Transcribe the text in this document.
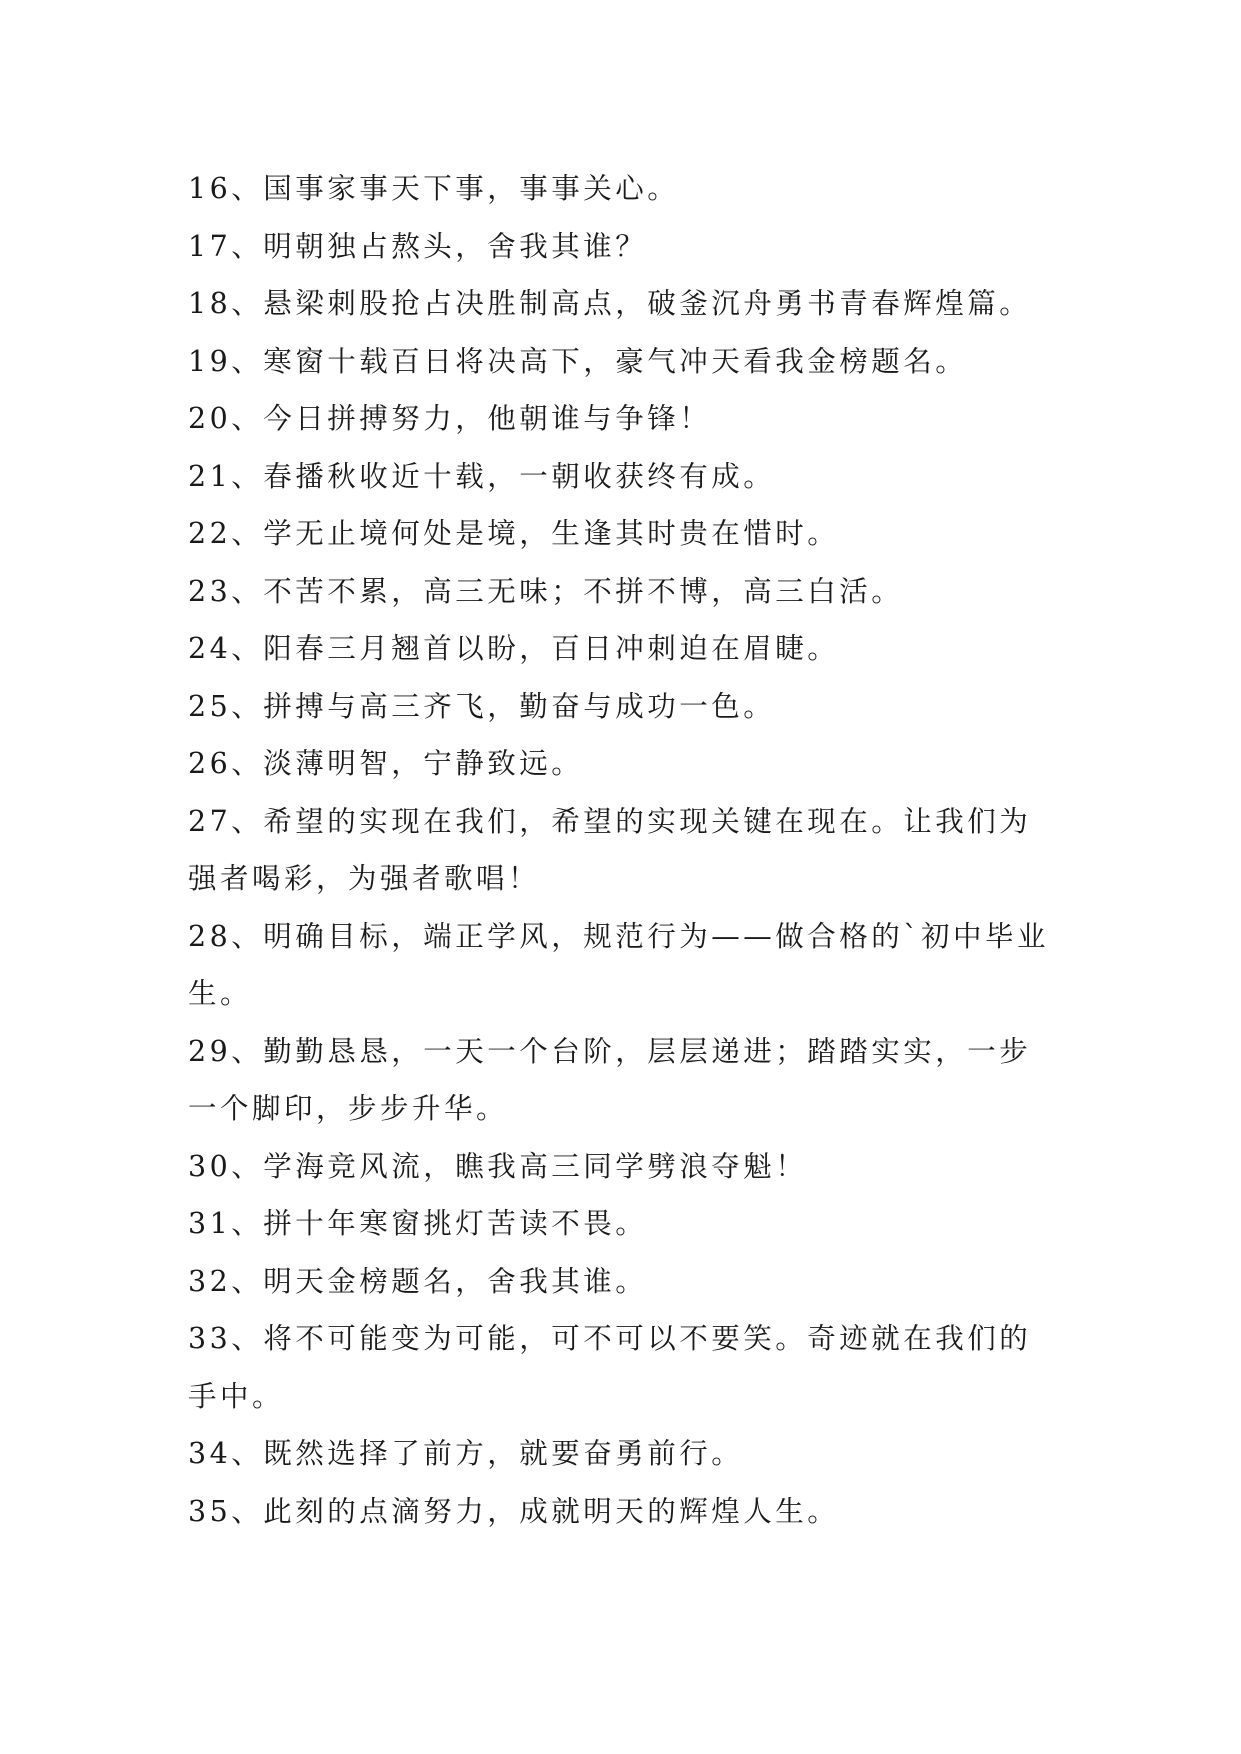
16、国事家事天下事，事事关心。
17、明朝独占熬头，舍我其谁？
18、悬梁刺股抢占决胜制高点，破釜沉舟勇书青春辉煌篇。
19、寒窗十载百日将决高下，豪气冲天看我金榜题名。
20、今日拼搏努力，他朝谁与争锋！
21、春播秋收近十载，一朝收获终有成。
22、学无止境何处是境，生逢其时贵在惜时。
23、不苦不累，高三无味；不拼不博，高三白活。
24、阳春三月翘首以盼，百日冲刺迫在眉睫。
25、拼搏与高三齐飞，勤奋与成功一色。
26、淡薄明智，宁静致远。
27、希望的实现在我们，希望的实现关键在现在。让我们为强者喝彩，为强者歌唱！
28、明确目标，端正学风，规范行为——做合格的`初中毕业生。
29、勤勤恳恳，一天一个台阶，层层递进；踏踏实实，一步一个脚印，步步升华。
30、学海竞风流，瞧我高三同学劈浪夺魁！
31、拼十年寒窗挑灯苦读不畏。
32、明天金榜题名，舍我其谁。
33、将不可能变为可能，可不可以不要笑。奇迹就在我们的手中。
34、既然选择了前方，就要奋勇前行。
35、此刻的点滴努力，成就明天的辉煌人生。
